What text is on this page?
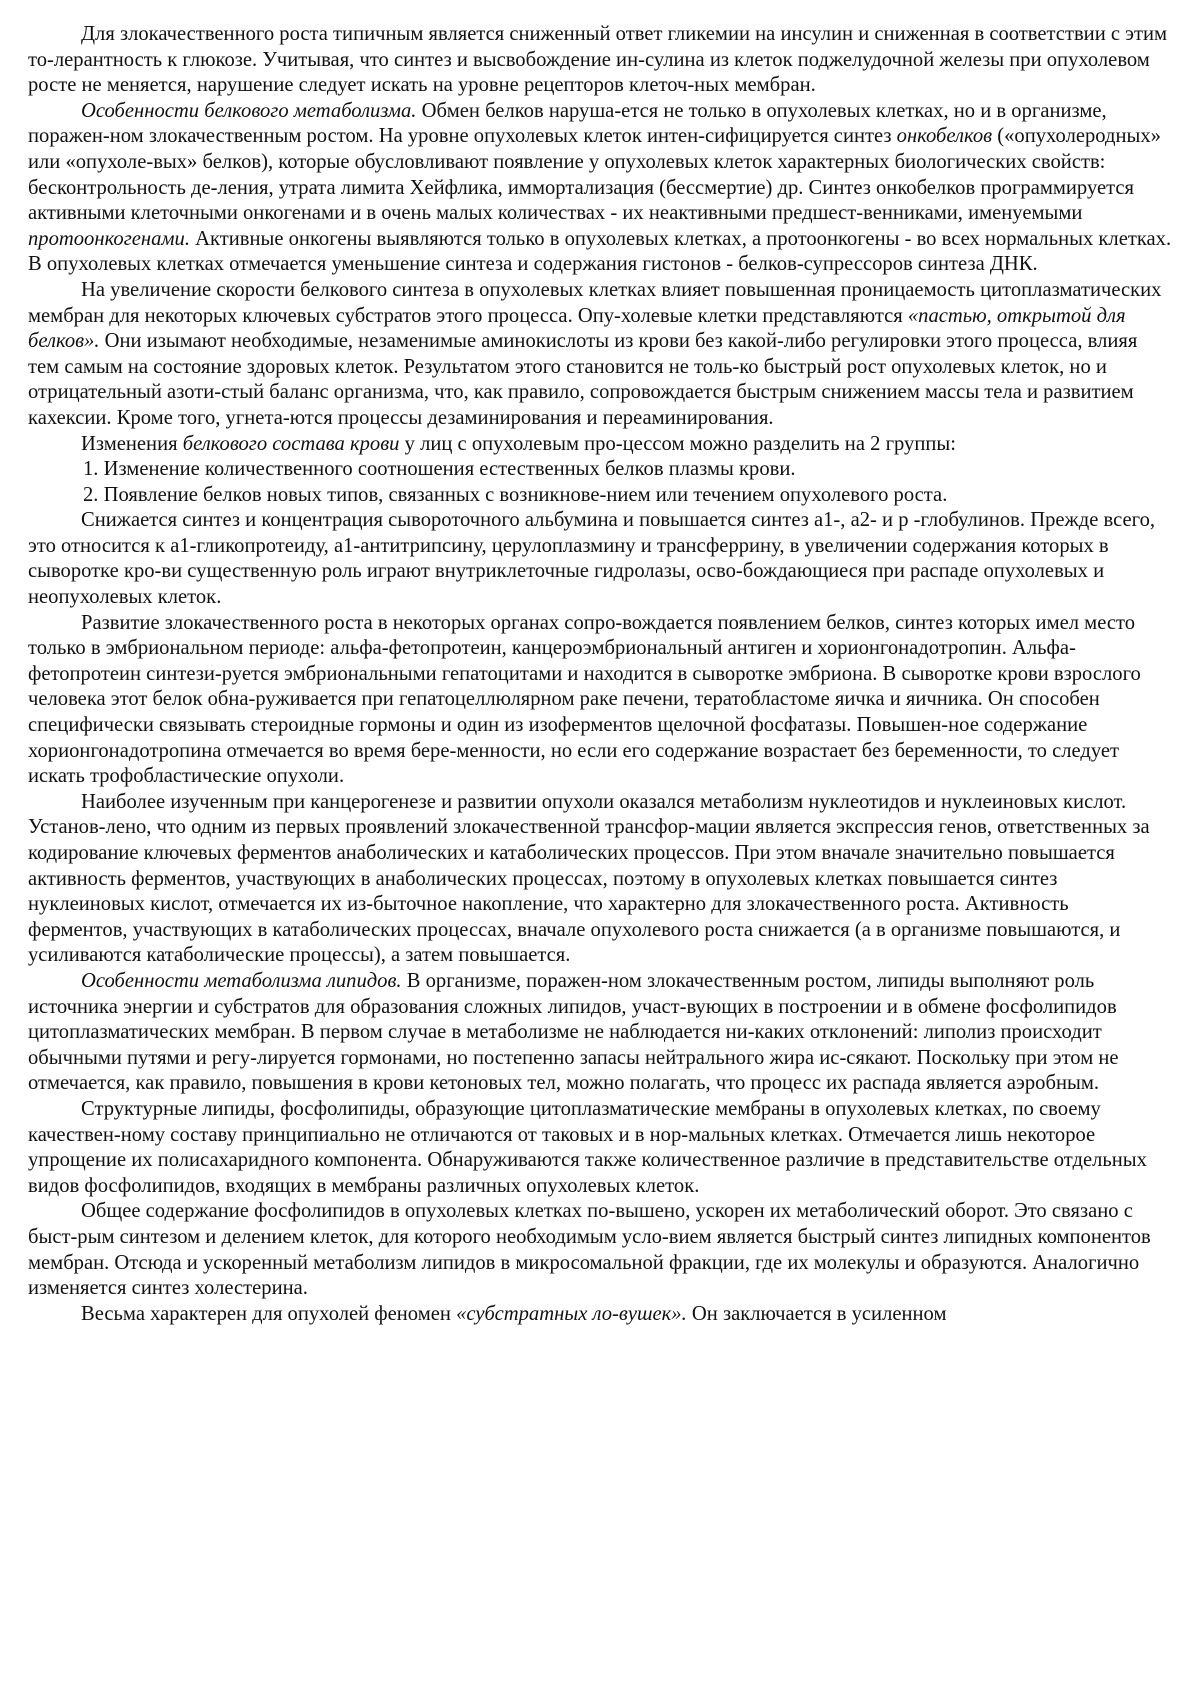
Для злокачественного роста типичным является сниженный ответ гликемии на инсулин и сниженная в соответствии с этим то-лерантность к глюкозе. Учитывая, что синтез и высвобождение ин-сулина из клеток поджелудочной железы при опухолевом росте не меняется, нарушение следует искать на уровне рецепторов клеточ-ных мембран.

Особенности белкового метаболизма. Обмен белков наруша-ется не только в опухолевых клетках, но и в организме, поражен-ном злокачественным ростом. На уровне опухолевых клеток интен-сифицируется синтез онкобелков («опухолеродных» или «опухоле-вых» белков), которые обусловливают появление у опухолевых клеток характерных биологических свойств: бесконтрольность де-ления, утрата лимита Хейфлика, иммортализация (бессмертие) др. Синтез онкобелков программируется активными клеточными онкогенами и в очень малых количествах - их неактивными предшест-венниками, именуемыми протоонкогенами. Активные онкогены выявляются только в опухолевых клетках, а протоонкогены - во всех нормальных клетках. В опухолевых клетках отмечается уменьшение синтеза и содержания гистонов - белков-супрессоров синтеза ДНК.

На увеличение скорости белкового синтеза в опухолевых клетках влияет повышенная проницаемость цитоплазматических мембран для некоторых ключевых субстратов этого процесса. Опу-холевые клетки представляются «пастью, открытой для белков». Они изымают необходимые, незаменимые аминокислоты из крови без какой-либо регулировки этого процесса, влияя тем самым на состояние здоровых клеток. Результатом этого становится не толь-ко быстрый рост опухолевых клеток, но и отрицательный азоти-стый баланс организма, что, как правило, сопровождается быстрым снижением массы тела и развитием кахексии. Кроме того, угнета-ются процессы дезаминирования и переаминирования.

Изменения белкового состава крови у лиц с опухолевым про-цессом можно разделить на 2 группы:

1. Изменение количественного соотношения естественных белков плазмы крови.

2. Появление белков новых типов, связанных с возникнове-нием или течением опухолевого роста.

Снижается синтез и концентрация сывороточного альбумина и повышается синтез а1-, а2- и р -глобулинов. Прежде всего, это относится к а1-гликопротеиду, а1-антитрипсину, церулоплазмину и трансферрину, в увеличении содержания которых в сыворотке кро-ви существенную роль играют внутриклеточные гидролазы, осво-бождающиеся при распаде опухолевых и неопухолевых клеток.

Развитие злокачественного роста в некоторых органах сопро-вождается появлением белков, синтез которых имел место только в эмбриональном периоде: альфа-фетопротеин, канцероэмбриональный антиген и хорионгонадотропин. Альфа-фетопротеин синтези-руется эмбриональными гепатоцитами и находится в сыворотке эмбриона. В сыворотке крови взрослого человека этот белок обна-руживается при гепатоцеллюлярном раке печени, тератобластоме яичка и яичника. Он способен специфически связывать стероидные гормоны и один из изоферментов щелочной фосфатазы. Повышен-ное содержание хорионгонадотропина отмечается во время бере-менности, но если его содержание возрастает без беременности, то следует искать трофобластические опухоли.

Наиболее изученным при канцерогенезе и развитии опухоли оказался метаболизм нуклеотидов и нуклеиновых кислот. Установ-лено, что одним из первых проявлений злокачественной трансфор-мации является экспрессия генов, ответственных за кодирование ключевых ферментов анаболических и катаболических процессов. При этом вначале значительно повышается активность ферментов, участвующих в анаболических процессах, поэтому в опухолевых клетках повышается синтез нуклеиновых кислот, отмечается их из-быточное накопление, что характерно для злокачественного роста. Активность ферментов, участвующих в катаболических процессах, вначале опухолевого роста снижается (а в организме повышаются, и усиливаются катаболические процессы), а затем повышается.

Особенности метаболизма липидов. В организме, поражен-ном злокачественным ростом, липиды выполняют роль источника энергии и субстратов для образования сложных липидов, участ-вующих в построении и в обмене фосфолипидов цитоплазматических мембран. В первом случае в метаболизме не наблюдается ни-каких отклонений: липолиз происходит обычными путями и регу-лируется гормонами, но постепенно запасы нейтрального жира ис-сякают. Поскольку при этом не отмечается, как правило, повышения в крови кетоновых тел, можно полагать, что процесс их распада является аэробным.

Структурные липиды, фосфолипиды, образующие цитоплазматические мембраны в опухолевых клетках, по своему качествен-ному составу принципиально не отличаются от таковых и в нор-мальных клетках. Отмечается лишь некоторое упрощение их полисахаридного компонента. Обнаруживаются также количественное различие в представительстве отдельных видов фосфолипидов, входящих в мембраны различных опухолевых клеток.

Общее содержание фосфолипидов в опухолевых клетках по-вышено, ускорен их метаболический оборот. Это связано с быст-рым синтезом и делением клеток, для которого необходимым усло-вием является быстрый синтез липидных компонентов мембран. Отсюда и ускоренный метаболизм липидов в микросомальной фракции, где их молекулы и образуются. Аналогично изменяется синтез холестерина.

Весьма характерен для опухолей феномен «субстратных ло-вушек». Он заключается в усиленном
